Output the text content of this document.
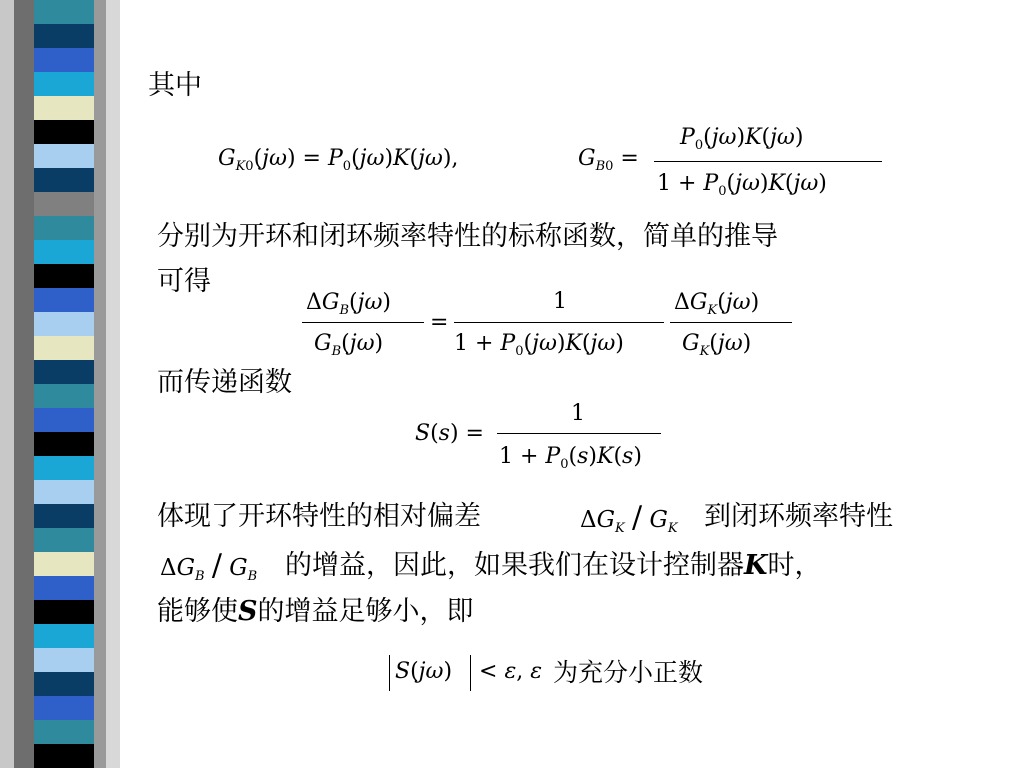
其中
$G_{K0}(j\omega) = P_0(j\omega)K(j\omega)$,	$G_{B0}$ =
$P_0(j\omega)K(j\omega)$
$1 + P_0(j\omega)K(j\omega)$
分别为开环和闭环频率特性的标称函数，简单的推导
可得
$\Delta G_B(j\omega)$
$G_B(j\omega)$
=
1
$1 + P_0(j\omega)K(j\omega)$
$\Delta G_K(j\omega)$
$G_K(j\omega)$
而传递函数
S(s) =
1
$1 + P_0(s)K(s)$
体现了开环特性的相对偏差	$\Delta G_K / G_K$ 到闭环频率特性
$\Delta G_B / G_B$ 的增益，因此，如果我们在设计控制器K时，
能够使S的增益足够小，即
S(jω) < ε, ε 为充分小正数
